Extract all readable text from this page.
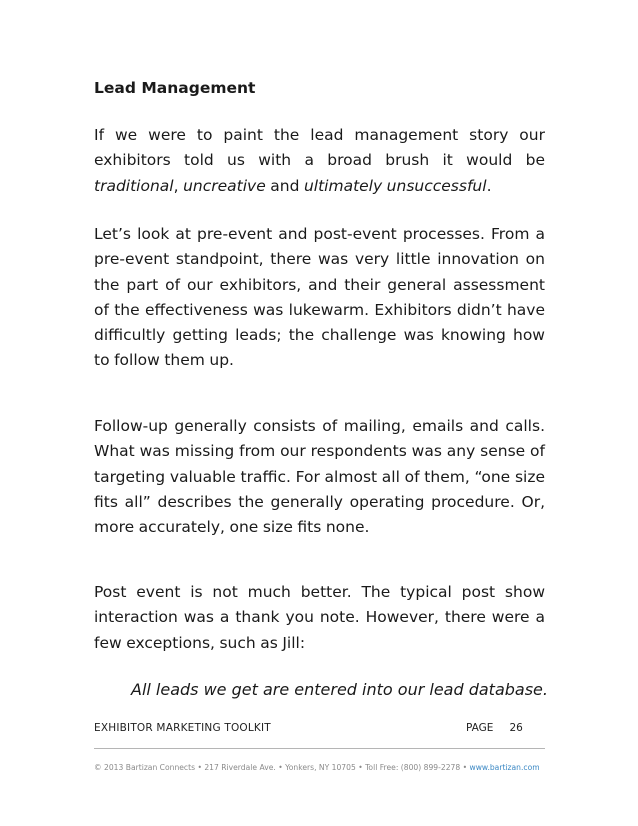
Lead Management

If we were to paint the lead management story our exhibitors told us with a broad brush it would be traditional, uncreative and ultimately unsuccessful.

Let’s look at pre-event and post-event processes. From a pre-event standpoint, there was very little innovation on the part of our exhibitors, and their general assessment of the effectiveness was lukewarm. Exhibitors didn’t have difficultly getting leads; the challenge was knowing how to follow them up.

Follow-up generally consists of mailing, emails and calls. What was missing from our respondents was any sense of targeting valuable traffic. For almost all of them, “one size fits all” describes the generally operating procedure. Or, more accurately, one size fits none.

Post event is not much better. The typical post show interaction was a thank you note. However, there were a few exceptions, such as Jill:

All leads we get are entered into our lead database.
EXHIBITOR MARKETING TOOLKIT	PAGE 26
© 2013 Bartizan Connects • 217 Riverdale Ave. • Yonkers, NY 10705 • Toll Free: (800) 899-2278 • www.bartizan.com
